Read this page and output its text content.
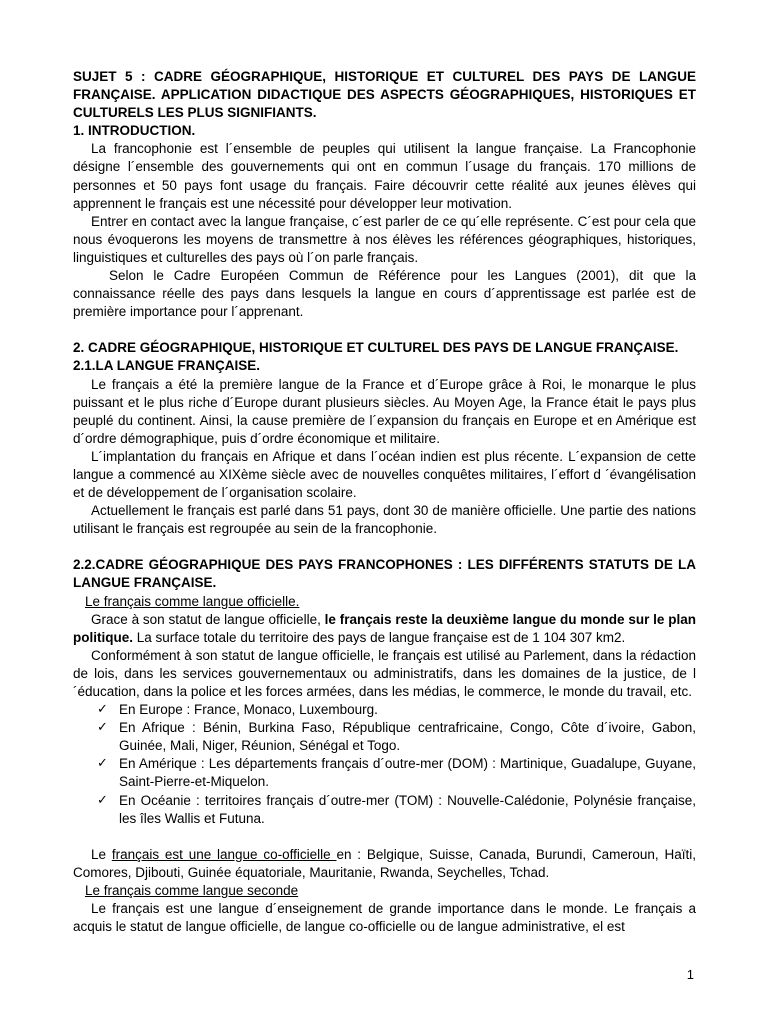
SUJET 5 : CADRE GÉOGRAPHIQUE, HISTORIQUE ET CULTUREL DES PAYS DE LANGUE FRANÇAISE. APPLICATION DIDACTIQUE DES ASPECTS GÉOGRAPHIQUES, HISTORIQUES ET CULTURELS LES PLUS SIGNIFIANTS.

1. INTRODUCTION.

La francophonie est l´ensemble de peuples qui utilisent la langue française. La Francophonie désigne l´ensemble des gouvernements qui ont en commun l´usage du français. 170 millions de personnes et 50 pays font usage du français. Faire découvrir cette réalité aux jeunes élèves qui apprennent le français est une nécessité pour développer leur motivation.

Entrer en contact avec la langue française, c´est parler de ce qu´elle représente. C´est pour cela que nous évoquerons les moyens de transmettre à nos élèves les références géographiques, historiques, linguistiques et culturelles des pays où l´on parle français.

Selon le Cadre Européen Commun de Référence pour les Langues (2001), dit que la connaissance réelle des pays dans lesquels la langue en cours d´apprentissage est parlée est de première importance pour l´apprenant.

2. CADRE GÉOGRAPHIQUE, HISTORIQUE ET CULTUREL DES PAYS DE LANGUE FRANÇAISE.

2.1.LA LANGUE FRANÇAISE.

Le français a été la première langue de la France et d´Europe grâce à Roi, le monarque le plus puissant et le plus riche d´Europe durant plusieurs siècles. Au Moyen Age, la France était le pays plus peuplé du continent. Ainsi, la cause première de l´expansion du français en Europe et en Amérique est d´ordre démographique, puis d´ordre économique et militaire.

L´implantation du français en Afrique et dans l´océan indien est plus récente. L´expansion de cette langue a commencé au XIXème siècle avec de nouvelles conquêtes militaires, l´effort d ´évangélisation et de développement de l´organisation scolaire.

Actuellement le français est parlé dans 51 pays, dont 30 de manière officielle. Une partie des nations utilisant le français est regroupée au sein de la francophonie.

2.2.CADRE GÉOGRAPHIQUE DES PAYS FRANCOPHONES : LES DIFFÉRENTS STATUTS DE LA LANGUE FRANÇAISE.

Le français comme langue officielle.

Grace à son statut de langue officielle, le français reste la deuxième langue du monde sur le plan politique. La surface totale du territoire des pays de langue française est de 1 104 307 km2.

Conformément à son statut de langue officielle, le français est utilisé au Parlement, dans la rédaction de lois, dans les services gouvernementaux ou administratifs, dans les domaines de la justice, de l´éducation, dans la police et les forces armées, dans les médias, le commerce, le monde du travail, etc.

✓ En Europe : France, Monaco, Luxembourg.
✓ En Afrique : Bénin, Burkina Faso, République centrafricaine, Congo, Côte d´ivoire, Gabon, Guinée, Mali, Niger, Réunion, Sénégal et Togo.
✓ En Amérique : Les départements français d´outre-mer (DOM) : Martinique, Guadalupe, Guyane, Saint-Pierre-et-Miquelon.
✓ En Océanie : territoires français d´outre-mer (TOM) : Nouvelle-Calédonie, Polynésie française, les îles Wallis et Futuna.

Le français est une langue co-officielle en : Belgique, Suisse, Canada, Burundi, Cameroun, Haïti, Comores, Djibouti, Guinée équatoriale, Mauritanie, Rwanda, Seychelles, Tchad.

Le français comme langue seconde

Le français est une langue d´enseignement de grande importance dans le monde. Le français a acquis le statut de langue officielle, de langue co-officielle ou de langue administrative, el est

1
